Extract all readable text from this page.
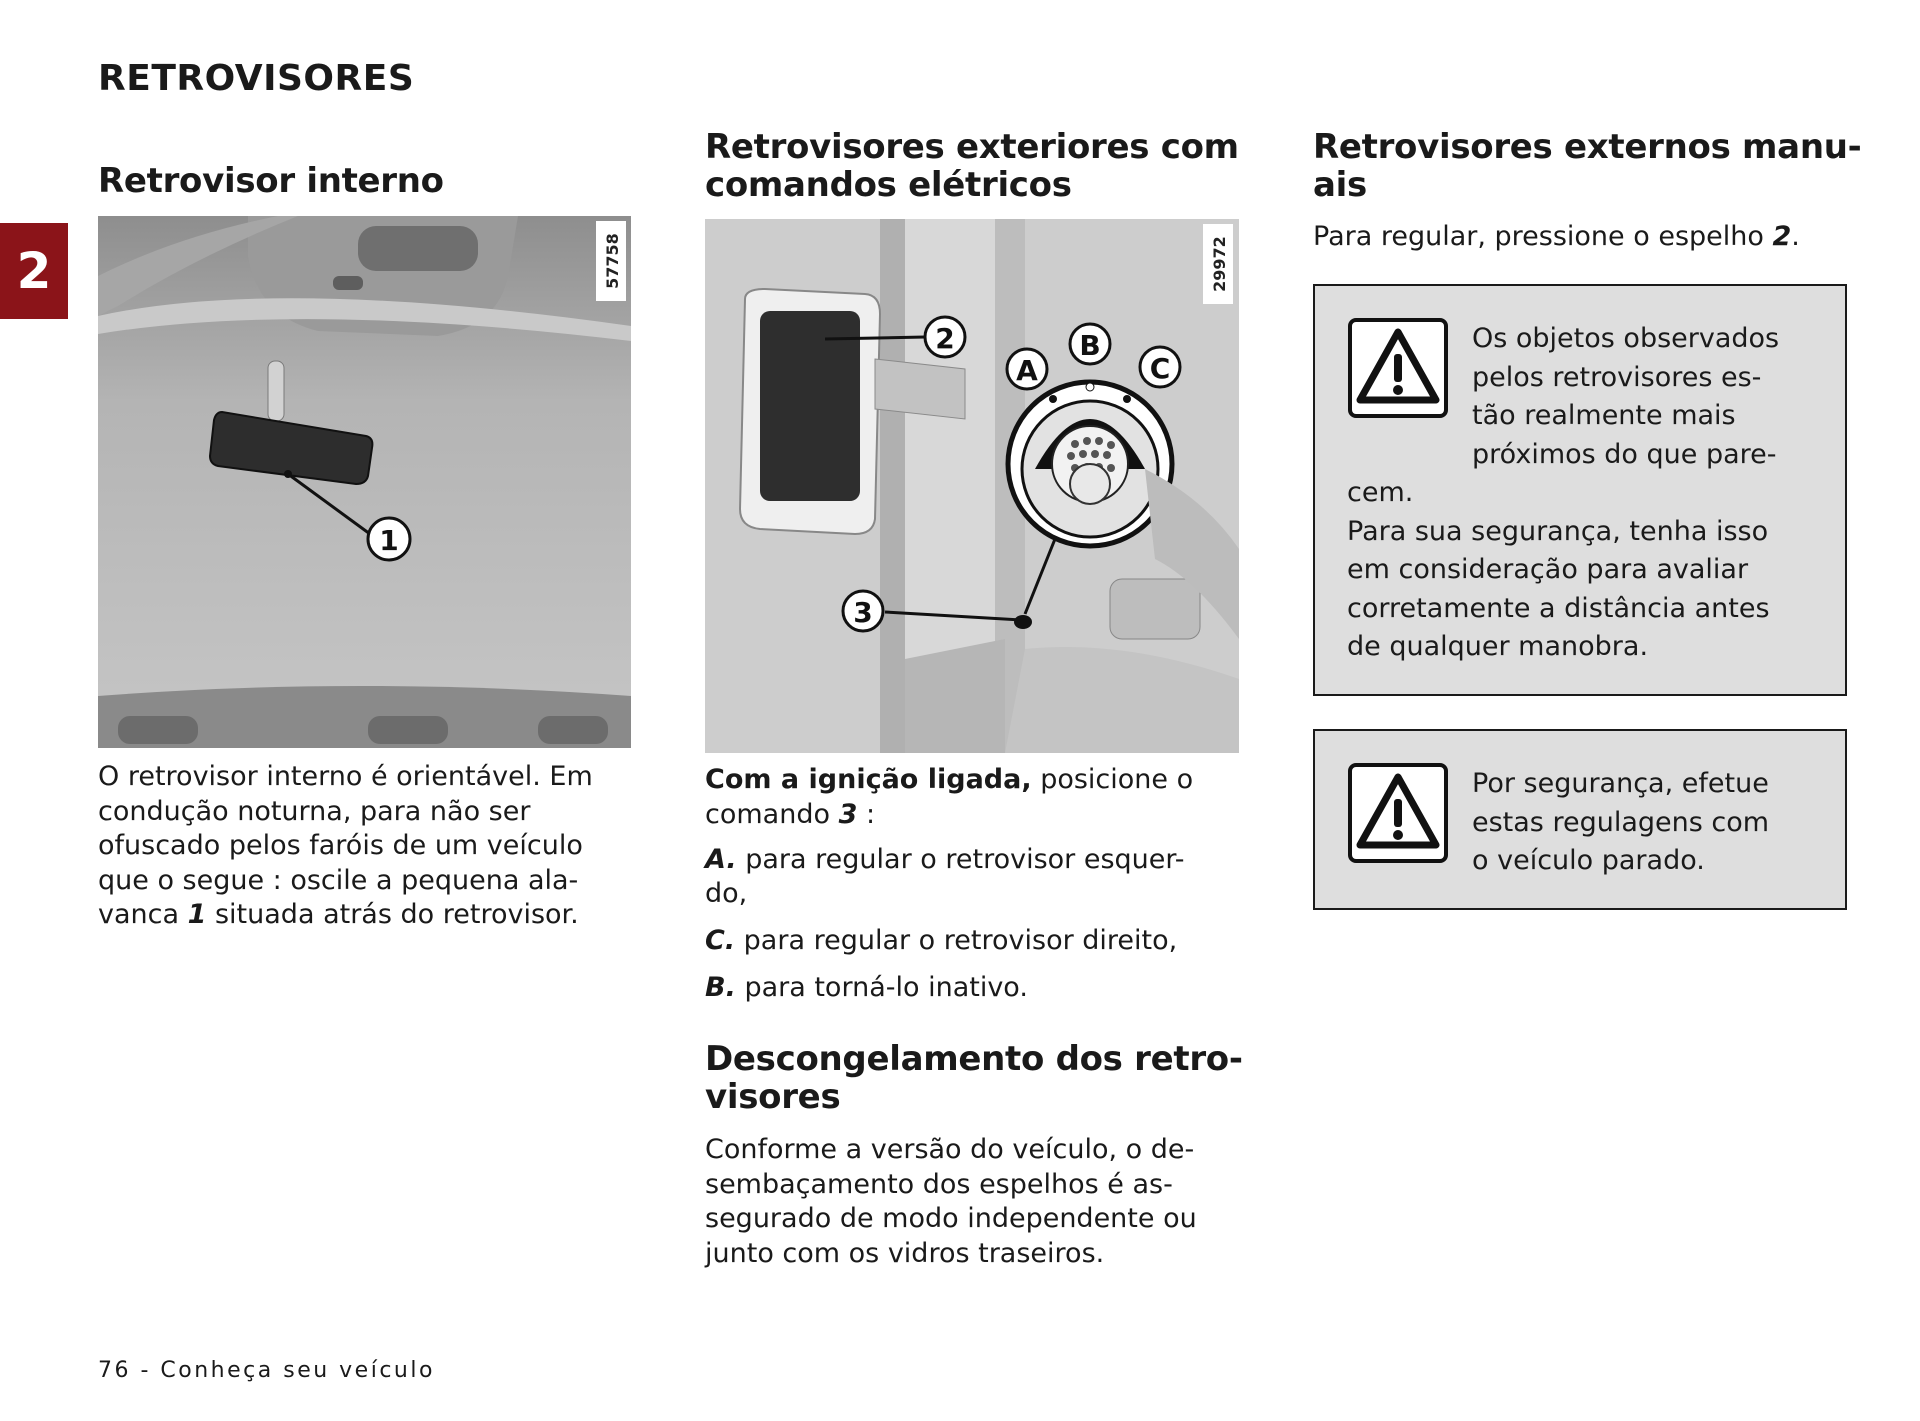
RETROVISORES
2
Retrovisor interno
1
57758

O retrovisor interno é orientável. Em
condução noturna, para não ser
ofuscado pelos faróis de um veículo
que o segue : oscile a pequena ala-
vanca 1 situada atrás do retrovisor.

Retrovisores exteriores com
comandos elétricos
2
A
B
C
3
29972

Com a ignição ligada, posicione o
comando 3 :

A. para regular o retrovisor esquer-
do,

C. para regular o retrovisor direito,

B. para torná-lo inativo.

Descongelamento dos retro-
visores

Conforme a versão do veículo, o de-
sembaçamento dos espelhos é as-
segurado de modo independente ou
junto com os vidros traseiros.

Retrovisores externos manu-
ais

Para regular, pressione o espelho 2.

Os objetos observados
pelos retrovisores es-
tão realmente mais
próximos do que pare-

cem.
Para sua segurança, tenha isso
em consideração para avaliar
corretamente a distância antes
de qualquer manobra.

Por segurança, efetue
estas regulagens com
o veículo parado.

76 - Conheça seu veículo
